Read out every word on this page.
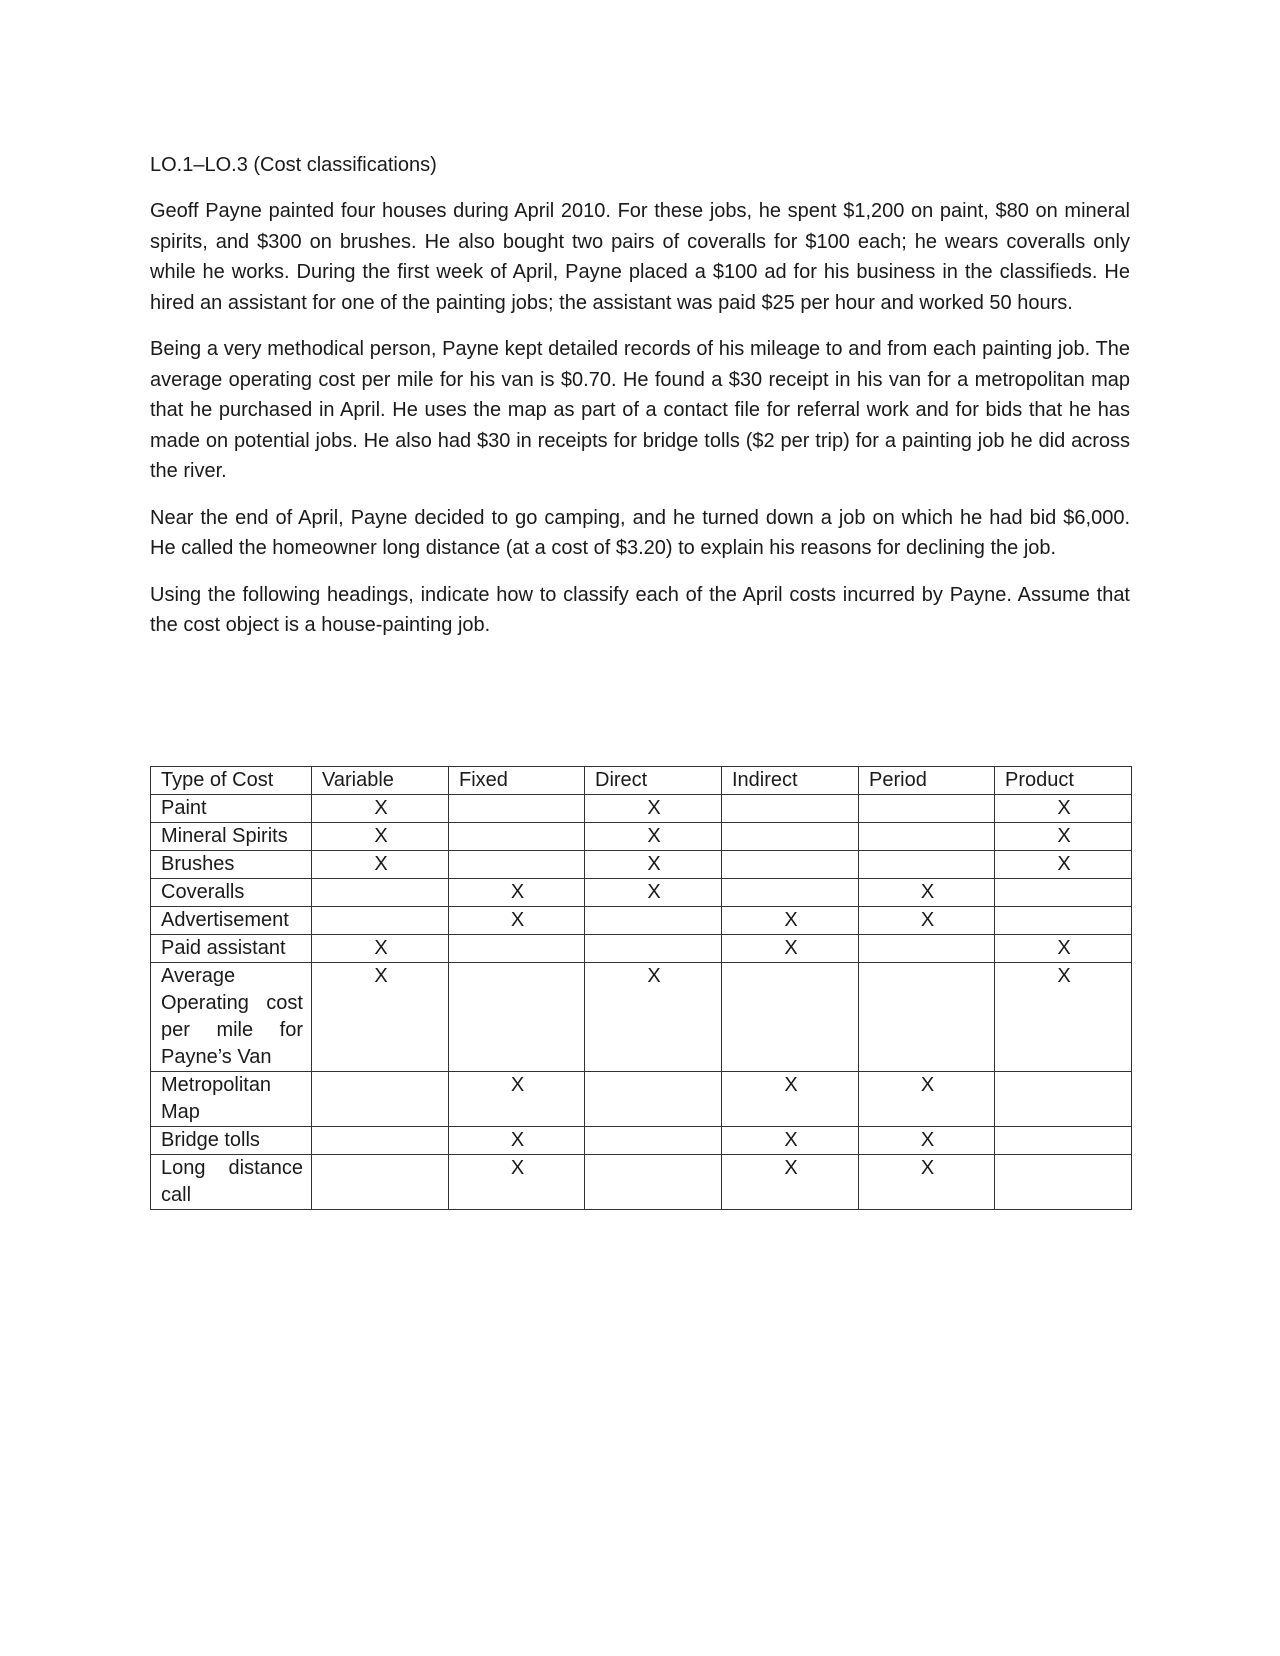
LO.1–LO.3 (Cost classifications)

Geoff Payne painted four houses during April 2010. For these jobs, he spent $1,200 on paint, $80 on mineral spirits, and $300 on brushes. He also bought two pairs of coveralls for $100 each; he wears coveralls only while he works. During the first week of April, Payne placed a $100 ad for his business in the classifieds. He hired an assistant for one of the painting jobs; the assistant was paid $25 per hour and worked 50 hours.

Being a very methodical person, Payne kept detailed records of his mileage to and from each painting job. The average operating cost per mile for his van is $0.70. He found a $30 receipt in his van for a metropolitan map that he purchased in April. He uses the map as part of a contact file for referral work and for bids that he has made on potential jobs. He also had $30 in receipts for bridge tolls ($2 per trip) for a painting job he did across the river.

Near the end of April, Payne decided to go camping, and he turned down a job on which he had bid $6,000. He called the homeowner long distance (at a cost of $3.20) to explain his reasons for declining the job.

Using the following headings, indicate how to classify each of the April costs incurred by Payne. Assume that the cost object is a house-painting job.

Type of Cost	Variable	Fixed	Direct	Indirect	Period	Product
Paint	X		X			X
Mineral Spirits	X		X			X
Brushes	X		X			X
Coveralls		X	X		X	
Advertisement		X		X	X	
Paid assistant	X			X		X
Average Operating cost per mile for Payne’s Van	X		X			X
Metropolitan Map		X		X	X	
Bridge tolls		X		X	X	
Long distance call		X		X	X	
